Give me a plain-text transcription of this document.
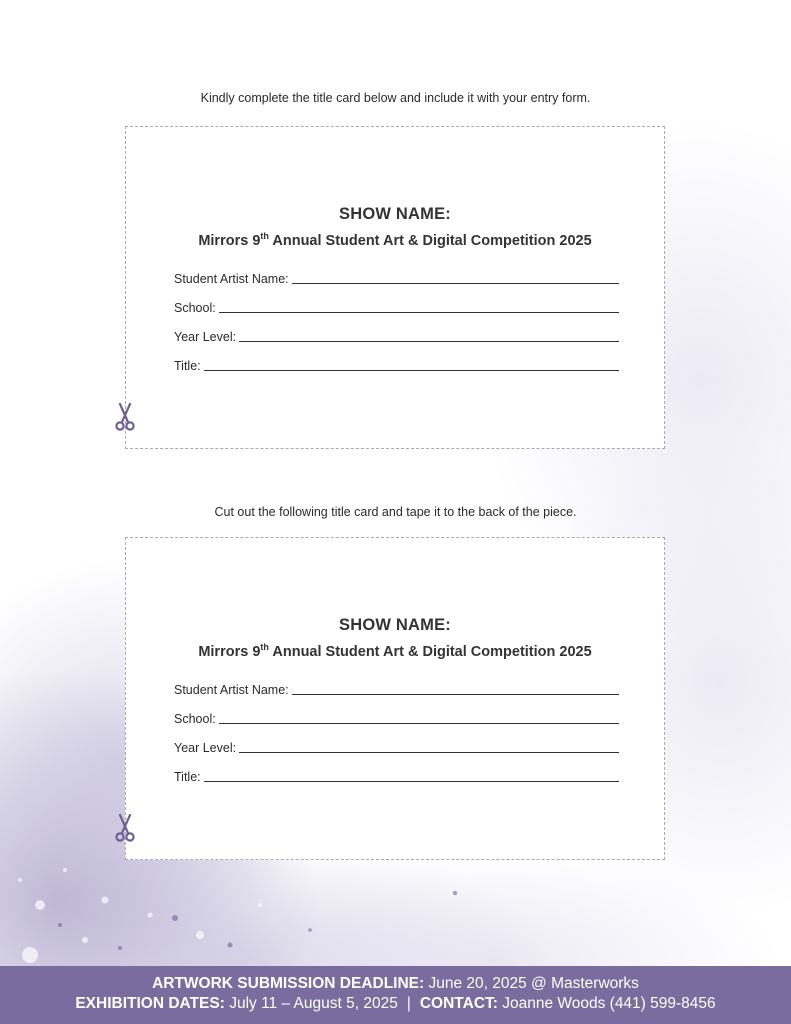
Kindly complete the title card below and include it with your entry form.
SHOW NAME:
Mirrors 9th Annual Student Art & Digital Competition 2025
Student Artist Name:
School:
Year Level:
Title:
Cut out the following title card and tape it to the back of the piece.
SHOW NAME:
Mirrors 9th Annual Student Art & Digital Competition 2025
Student Artist Name:
School:
Year Level:
Title:
ARTWORK SUBMISSION DEADLINE: June 20, 2025 @ Masterworks
EXHIBITION DATES: July 11 – August 5, 2025 | CONTACT: Joanne Woods (441) 599-8456
